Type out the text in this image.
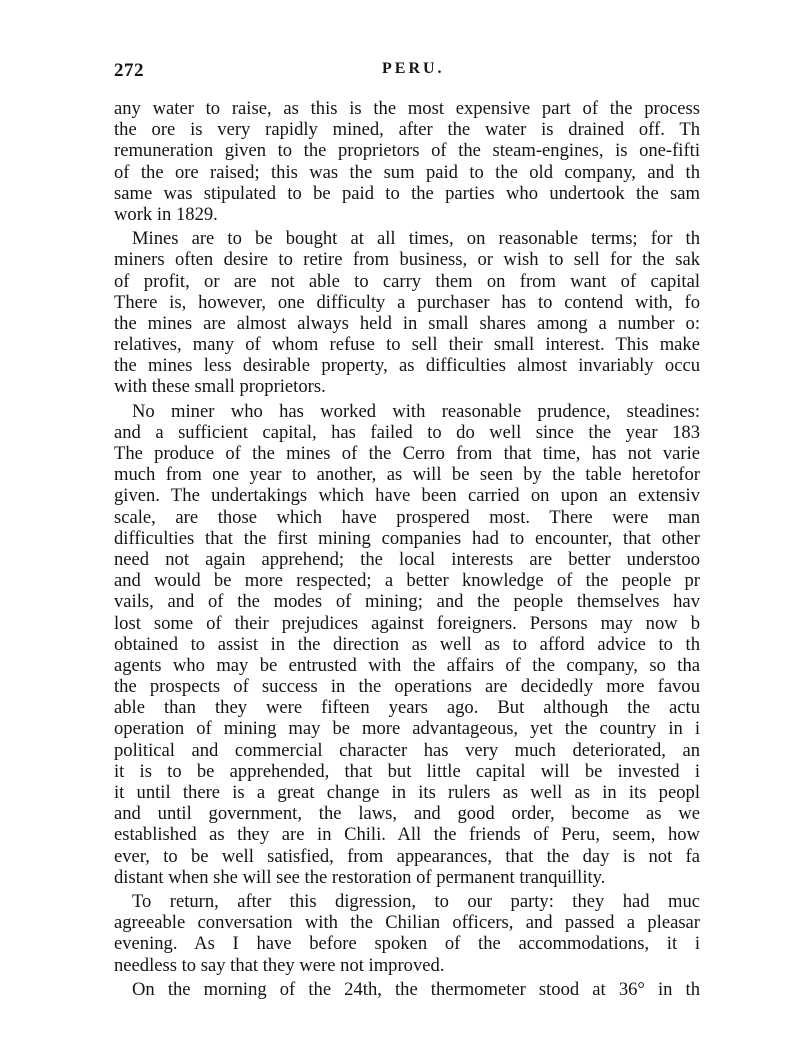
272	PERU.
any water to raise, as this is the most expensive part of the process
the ore is very rapidly mined, after the water is drained off. Th
remuneration given to the proprietors of the steam-engines, is one-fifti
of the ore raised; this was the sum paid to the old company, and th
same was stipulated to be paid to the parties who undertook the sam
work in 1829.
Mines are to be bought at all times, on reasonable terms; for th
miners often desire to retire from business, or wish to sell for the sak
of profit, or are not able to carry them on from want of capital
There is, however, one difficulty a purchaser has to contend with, fo
the mines are almost always held in small shares among a number o:
relatives, many of whom refuse to sell their small interest. This make
the mines less desirable property, as difficulties almost invariably occu
with these small proprietors.
No miner who has worked with reasonable prudence, steadines:
and a sufficient capital, has failed to do well since the year 183
The produce of the mines of the Cerro from that time, has not varie
much from one year to another, as will be seen by the table heretofor
given. The undertakings which have been carried on upon an extensiv
scale, are those which have prospered most. There were man
difficulties that the first mining companies had to encounter, that other
need not again apprehend; the local interests are better understoo
and would be more respected; a better knowledge of the people pr
vails, and of the modes of mining; and the people themselves hav
lost some of their prejudices against foreigners. Persons may now b
obtained to assist in the direction as well as to afford advice to th
agents who may be entrusted with the affairs of the company, so tha
the prospects of success in the operations are decidedly more favou
able than they were fifteen years ago. But although the actu
operation of mining may be more advantageous, yet the country in i
political and commercial character has very much deteriorated, an
it is to be apprehended, that but little capital will be invested i
it until there is a great change in its rulers as well as in its peopl
and until government, the laws, and good order, become as we
established as they are in Chili. All the friends of Peru, seem, how
ever, to be well satisfied, from appearances, that the day is not fa
distant when she will see the restoration of permanent tranquillity.
To return, after this digression, to our party: they had muc
agreeable conversation with the Chilian officers, and passed a pleasar
evening. As I have before spoken of the accommodations, it i
needless to say that they were not improved.
On the morning of the 24th, the thermometer stood at 36° in th
